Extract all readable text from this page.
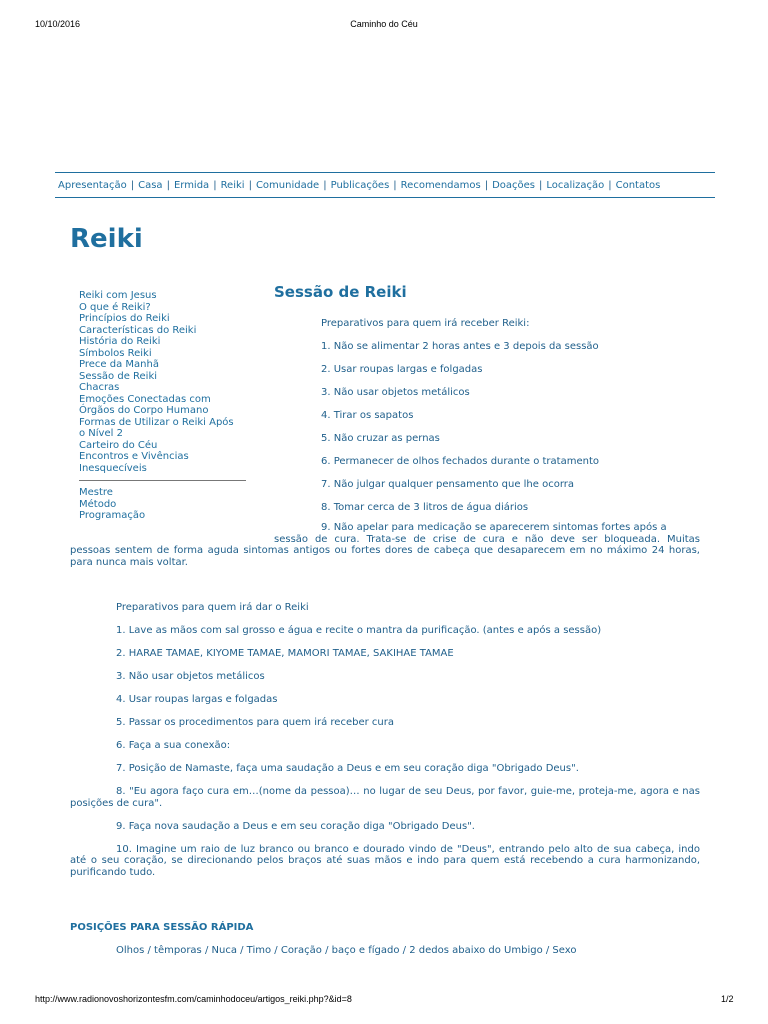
10/10/2016	Caminho do Céu
Apresentação | Casa | Ermida | Reiki | Comunidade | Publicações | Recomendamos | Doações | Localização | Contatos
Reiki
Reiki com Jesus
O que é Reiki?
Princípios do Reiki
Características do Reiki
História do Reiki
Símbolos Reiki
Prece da Manhã
Sessão de Reiki
Chacras
Emoções Conectadas com
Órgãos do Corpo Humano
Formas de Utilizar o Reiki Após
o Nível 2
Carteiro do Céu
Encontros e Vivências
Inesquecíveis
Mestre
Método
Programação
Sessão de Reiki

Preparativos para quem irá receber Reiki:

1. Não se alimentar 2 horas antes e 3 depois da sessão

2. Usar roupas largas e folgadas

3. Não usar objetos metálicos

4. Tirar os sapatos

5. Não cruzar as pernas

6. Permanecer de olhos fechados durante o tratamento

7. Não julgar qualquer pensamento que lhe ocorra

8. Tomar cerca de 3 litros de água diários

9. Não apelar para medicação se aparecerem sintomas fortes após a

sessão de cura. Trata-se de crise de cura e não deve ser bloqueada. Muitas

pessoas sentem de forma aguda sintomas antigos ou fortes dores de cabeça que desaparecem em no máximo 24 horas, para nunca mais voltar.

Preparativos para quem irá dar o Reiki

1. Lave as mãos com sal grosso e água e recite o mantra da purificação. (antes e após a sessão)

2. HARAE TAMAE, KIYOME TAMAE, MAMORI TAMAE, SAKIHAE TAMAE

3. Não usar objetos metálicos

4. Usar roupas largas e folgadas

5. Passar os procedimentos para quem irá receber cura

6. Faça a sua conexão:

7. Posição de Namaste, faça uma saudação a Deus e em seu coração diga "Obrigado Deus".

8. "Eu agora faço cura em…(nome da pessoa)… no lugar de seu Deus, por favor, guie-me, proteja-me, agora e nas posições de cura".

9. Faça nova saudação a Deus e em seu coração diga "Obrigado Deus".

10. Imagine um raio de luz branco ou branco e dourado vindo de "Deus", entrando pelo alto de sua cabeça, indo até o seu coração, se direcionando pelos braços até suas mãos e indo para quem está recebendo a cura harmonizando, purificando tudo.

POSIÇÕES PARA SESSÃO RÁPIDA

Olhos / têmporas / Nuca / Timo / Coração / baço e fígado / 2 dedos abaixo do Umbigo / Sexo

http://www.radionovoshorizontesfm.com/caminhodoceu/artigos_reiki.php?&id=8	1/2
